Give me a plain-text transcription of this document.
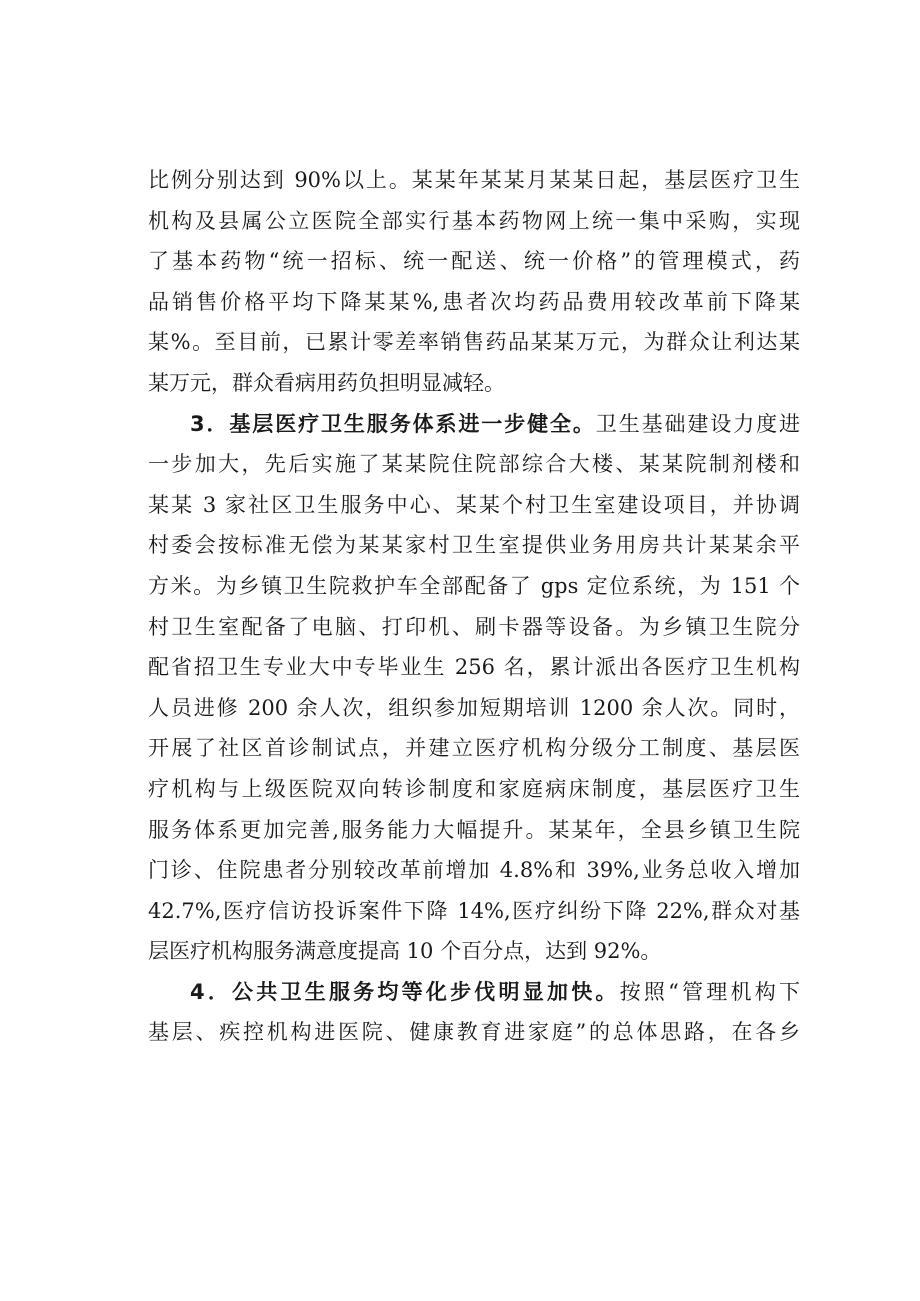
比例分别达到 90%以上。某某年某某月某某日起，基层医疗卫生
机构及县属公立医院全部实行基本药物网上统一集中采购，实现
了基本药物“统一招标、统一配送、统一价格”的管理模式，药
品销售价格平均下降某某%,患者次均药品费用较改革前下降某
某%。至目前，已累计零差率销售药品某某万元，为群众让利达某
某万元，群众看病用药负担明显减轻。
3．基层医疗卫生服务体系进一步健全。卫生基础建设力度进
一步加大，先后实施了某某院住院部综合大楼、某某院制剂楼和
某某 3 家社区卫生服务中心、某某个村卫生室建设项目，并协调
村委会按标准无偿为某某家村卫生室提供业务用房共计某某余平
方米。为乡镇卫生院救护车全部配备了 gps 定位系统，为 151 个
村卫生室配备了电脑、打印机、刷卡器等设备。为乡镇卫生院分
配省招卫生专业大中专毕业生 256 名，累计派出各医疗卫生机构
人员进修 200 余人次，组织参加短期培训 1200 余人次。同时，
开展了社区首诊制试点，并建立医疗机构分级分工制度、基层医
疗机构与上级医院双向转诊制度和家庭病床制度，基层医疗卫生
服务体系更加完善,服务能力大幅提升。某某年，全县乡镇卫生院
门诊、住院患者分别较改革前增加 4.8%和 39%,业务总收入增加
42.7%,医疗信访投诉案件下降 14%,医疗纠纷下降 22%,群众对基
层医疗机构服务满意度提高 10 个百分点，达到 92%。
4．公共卫生服务均等化步伐明显加快。按照“管理机构下
基层、疾控机构进医院、健康教育进家庭”的总体思路，在各乡
